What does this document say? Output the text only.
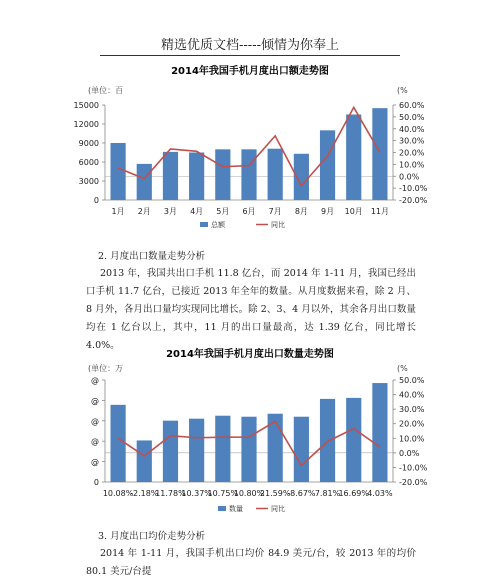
精选优质文档-----倾情为你奉上
2014年我国手机月度出口额走势图
(单位：百	(%
15000
12000
9000
6000
3000
0
60.0%
50.0%
40.0%
30.0%
20.0%
10.0%
0.0%
-10.0%
-20.0%
1月 2月 3月 4月 5月 6月 7月 8月 9月 10月 11月
总额	同比
2. 月度出口数量走势分析
2013 年，我国共出口手机 11.8 亿台，而 2014 年 1-11 月，我国已经出口手机 11.7 亿台，已接近 2013 年全年的数量。从月度数据来看，除 2 月、8 月外，各月出口量均实现同比增长。除 2、3、4 月以外，其余各月出口数量均在 1 亿台以上，其中，11 月的出口量最高，达 1.39 亿台，同比增长 4.0%。
2014年我国手机月度出口数量走势图
(单位：万	(%
@
@
@
@
@
0
50.0%
40.0%
30.0%
20.0%
10.0%
0.0%
-10.0%
-20.0%
10.08%
-2.18%
11.78%
10.37%
10.75%
10.80%
21.59%
-8.67% 7.81%
16.69%
4.03%
数量	同比
3. 月度出口均价走势分析
2014 年 1-11 月，我国手机出口均价 84.9 美元/台，较 2013 年的均价 80.1 美元/台提
